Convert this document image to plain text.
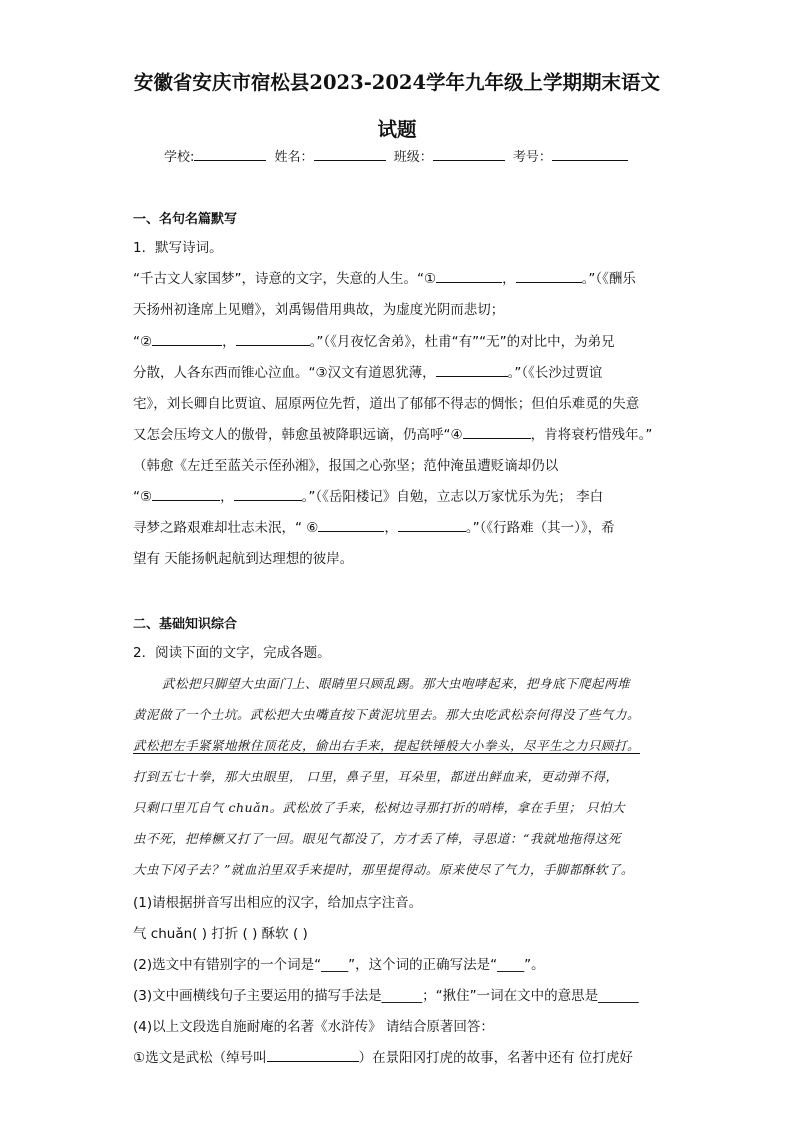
安徽省安庆市宿松县2023-2024学年九年级上学期期末语文
试题
学校:	姓名：	班级：	考号：
一、名句名篇默写
1．默写诗词。
“千古文人家国梦”，诗意的文字，失意的人生。“①	，	。”（《酬乐
天扬州初逢席上见赠》，刘禹锡借用典故，为虚度光阴而悲切；
“②	，	。”（《月夜忆舍弟》，杜甫“有”“无”的对比中，为弟兄
分散，人各东西而锥心泣血。“③汉文有道恩犹薄，	。”（《长沙过贾谊
宅》，刘长卿自比贾谊、屈原两位先哲，道出了郁郁不得志的惆怅；但伯乐难觅的失意
又怎会压垮文人的傲骨，韩愈虽被降职远谪，仍高呼“④	，肯将衰朽惜残年。”
（韩愈《左迁至蓝关示侄孙湘》，报国之心弥坚；范仲淹虽遭贬谪却仍以
“⑤	，	。”（《岳阳楼记》自勉，立志以万家忧乐为先； 李白
寻梦之路艰难却壮志未泯，“ ⑥	，	。”（《行路难（其一）》，希
望有 天能扬帆起航到达理想的彼岸。
二、基础知识综合
2．阅读下面的文字，完成各题。
武松把只脚望大虫面门上、眼睛里只顾乱踢。那大虫咆哮起来，把身底下爬起两堆
黄泥做了一个土坑。武松把大虫嘴直按下黄泥坑里去。那大虫吃武松奈何得没了些气力。
武松把左手紧紧地揪住顶花皮，偷出右手来，提起铁锤般大小拳头，尽平生之力只顾打。
打到五七十拳，那大虫眼里， 口里，鼻子里，耳朵里，都迸出鲜血来，更动弹不得，
只剩口里兀自气 chuǎn。武松放了手来，松树边寻那打折的哨棒，拿在手里； 只怕大
虫不死，把棒橛又打了一回。眼见气都没了，方才丢了棒，寻思道：“我就地拖得这死
大虫下冈子去？”就血泊里双手来提时，那里提得动。原来使尽了气力，手脚都酥软了。
(1)请根据拼音写出相应的汉字，给加点字注音。
气 chuǎn( ) 打折 ( ) 酥软 ( )
(2)选文中有错别字的一个词是“____”，这个词的正确写法是“____”。
(3)文中画横线句子主要运用的描写手法是______；“揪住”一词在文中的意思是______
(4)以上文段选自施耐庵的名著《水浒传》 请结合原著回答：
①选文是武松（绰号叫	）在景阳冈打虎的故事，名著中还有 位打虎好
